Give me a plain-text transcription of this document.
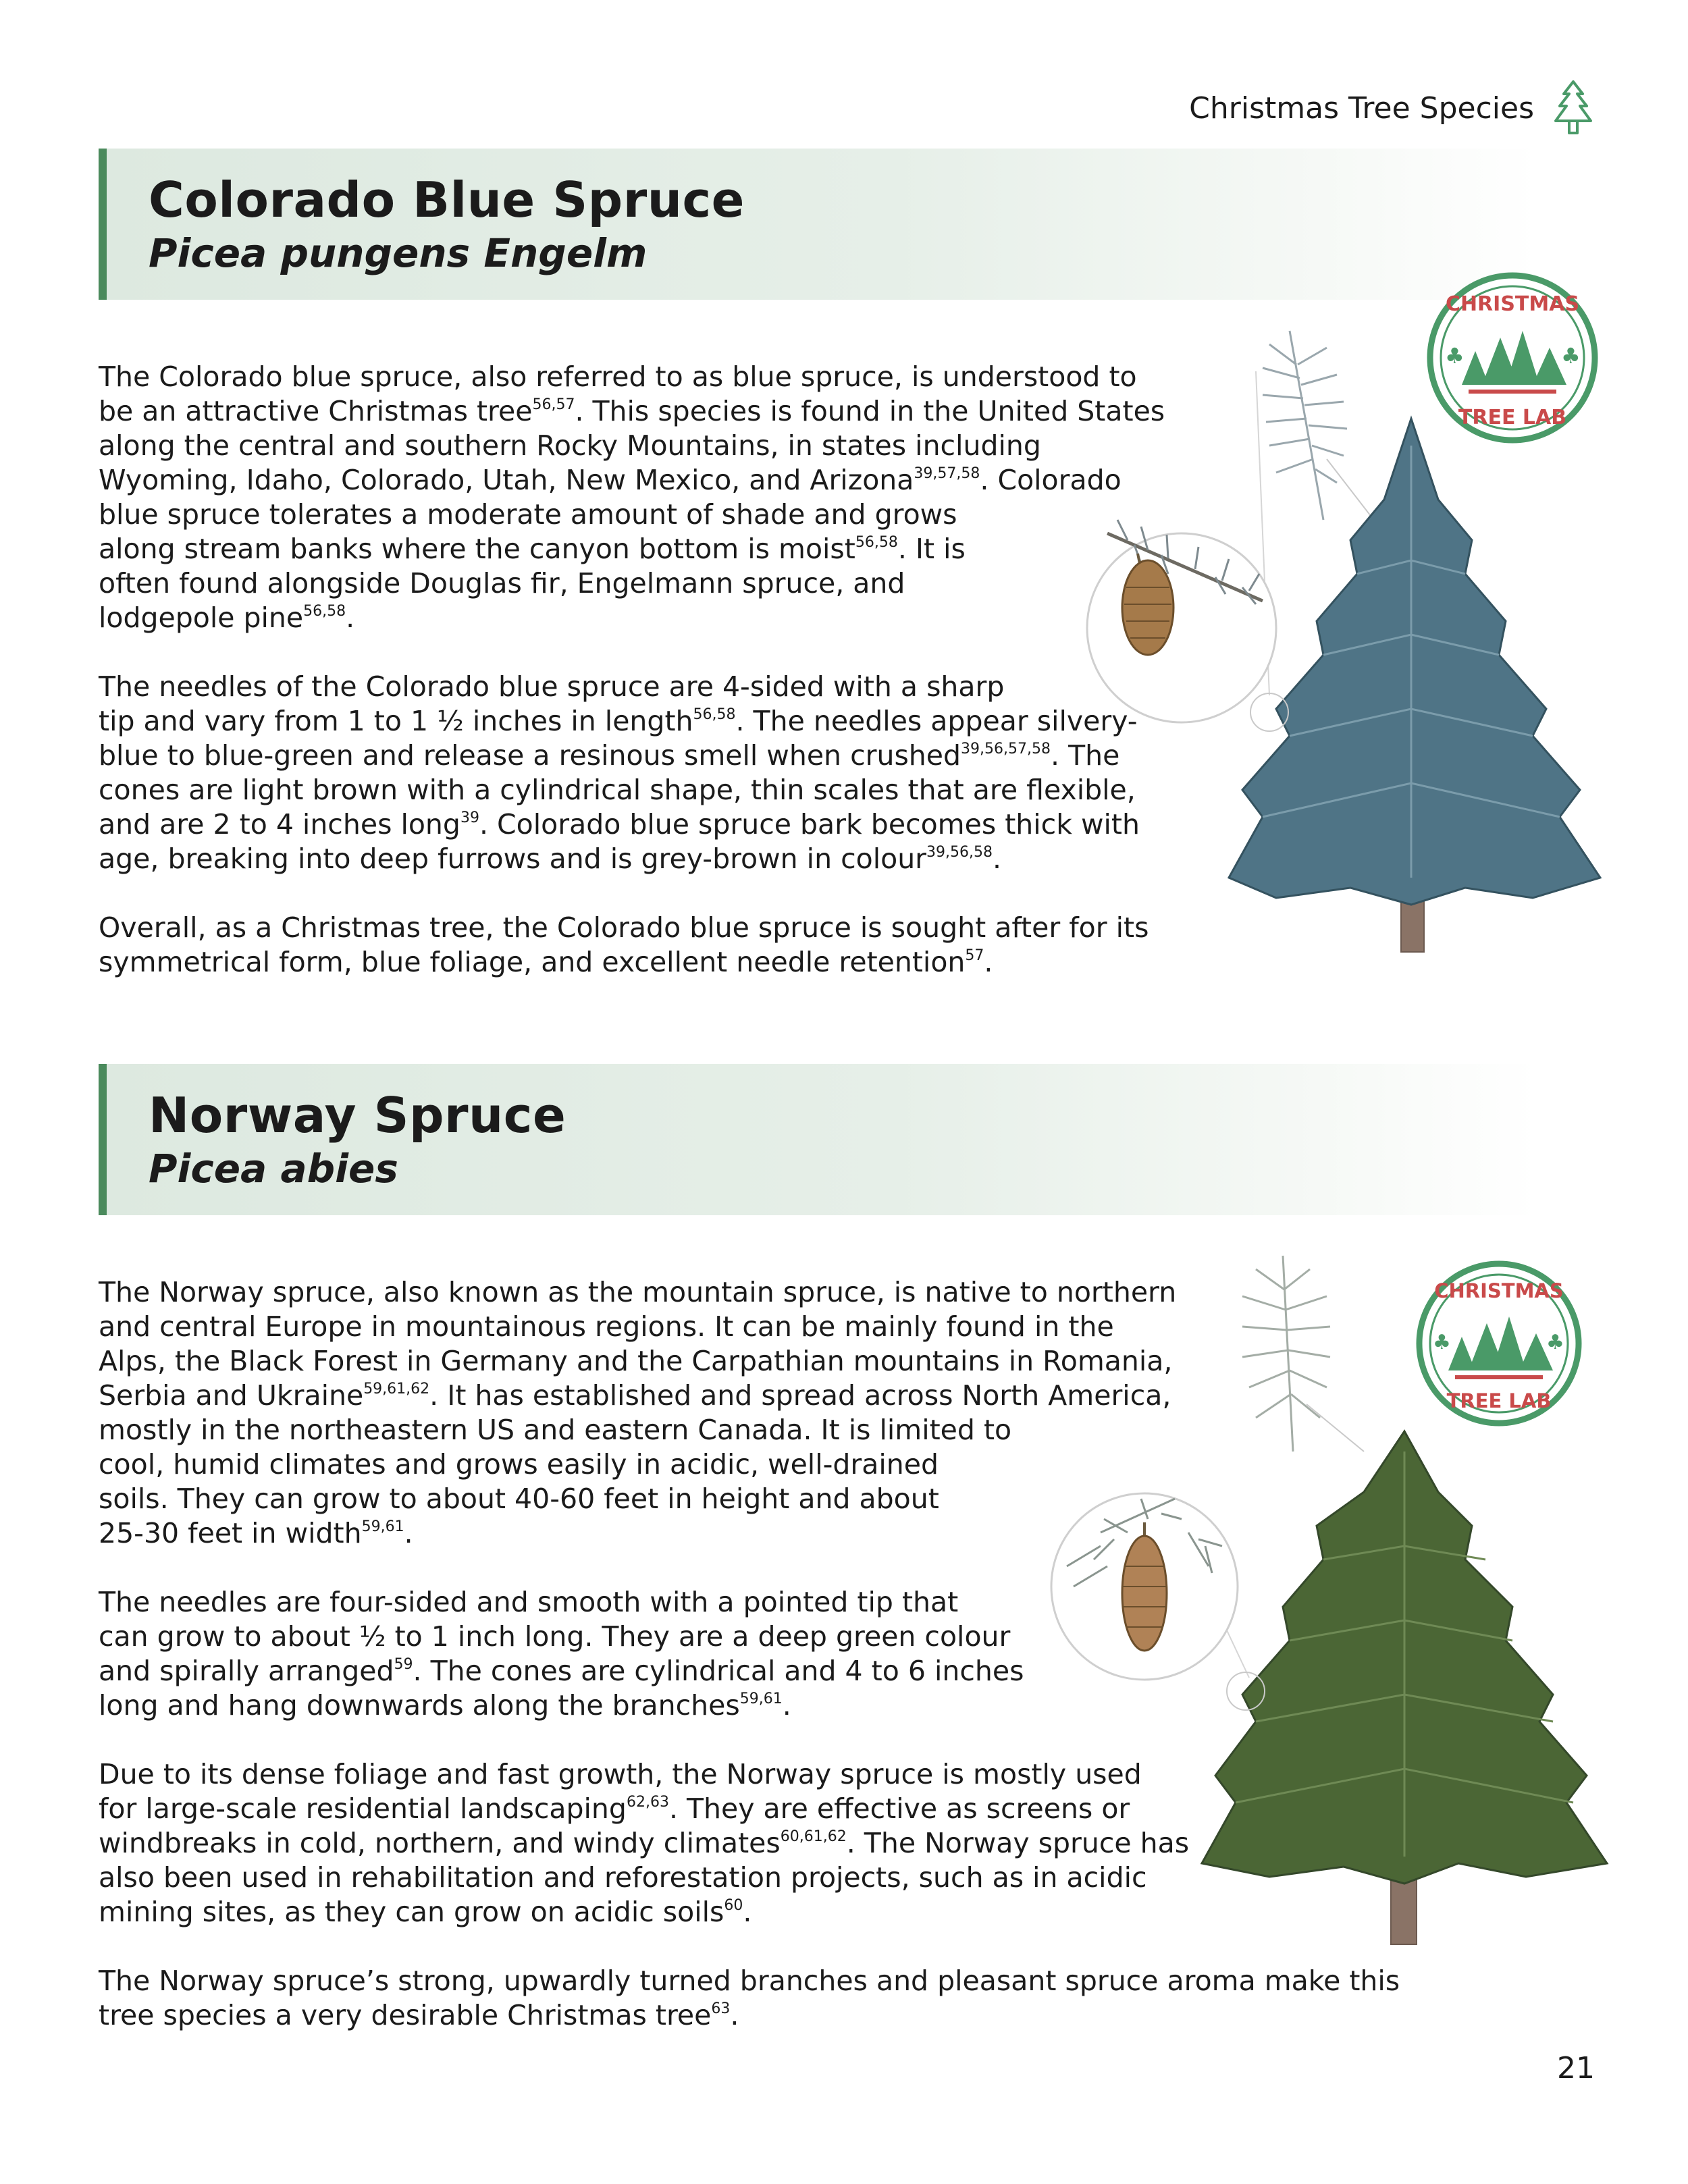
Christmas Tree Species
Colorado Blue Spruce
Picea pungens Engelm

The Colorado blue spruce, also referred to as blue spruce, is understood to
be an attractive Christmas tree$^{56,57}$. This species is found in the United States
along the central and southern Rocky Mountains, in states including
Wyoming, Idaho, Colorado, Utah, New Mexico, and Arizona$^{39,57,58}$. Colorado
blue spruce tolerates a moderate amount of shade and grows
along stream banks where the canyon bottom is moist$^{56,58}$. It is
often found alongside Douglas fir, Engelmann spruce, and
lodgepole pine$^{56,58}$.

The needles of the Colorado blue spruce are 4-sided with a sharp
tip and vary from 1 to 1 ½ inches in length$^{56,58}$. The needles appear silvery-
blue to blue-green and release a resinous smell when crushed$^{39,56,57,58}$. The
cones are light brown with a cylindrical shape, thin scales that are flexible,
and are 2 to 4 inches long$^{39}$. Colorado blue spruce bark becomes thick with
age, breaking into deep furrows and is grey-brown in colour$^{39,56,58}$.

Overall, as a Christmas tree, the Colorado blue spruce is sought after for its
symmetrical form, blue foliage, and excellent needle retention$^{57}$.

♣	♣
CHRISTMAS
TREE LAB
Norway Spruce
Picea abies

The Norway spruce, also known as the mountain spruce, is native to northern
and central Europe in mountainous regions. It can be mainly found in the
Alps, the Black Forest in Germany and the Carpathian mountains in Romania,
Serbia and Ukraine$^{59,61,62}$. It has established and spread across North America,
mostly in the northeastern US and eastern Canada. It is limited to
cool, humid climates and grows easily in acidic, well-drained
soils. They can grow to about 40-60 feet in height and about
25-30 feet in width$^{59,61}$.

The needles are four-sided and smooth with a pointed tip that
can grow to about ½ to 1 inch long. They are a deep green colour
and spirally arranged$^{59}$. The cones are cylindrical and 4 to 6 inches
long and hang downwards along the branches$^{59,61}$.

Due to its dense foliage and fast growth, the Norway spruce is mostly used
for large-scale residential landscaping$^{62,63}$. They are effective as screens or
windbreaks in cold, northern, and windy climates$^{60,61,62}$. The Norway spruce has
also been used in rehabilitation and reforestation projects, such as in acidic
mining sites, as they can grow on acidic soils$^{60}$.

The Norway spruce’s strong, upwardly turned branches and pleasant spruce aroma make this
tree species a very desirable Christmas tree$^{63}$.

♣	♣
CHRISTMAS
TREE LAB
21
